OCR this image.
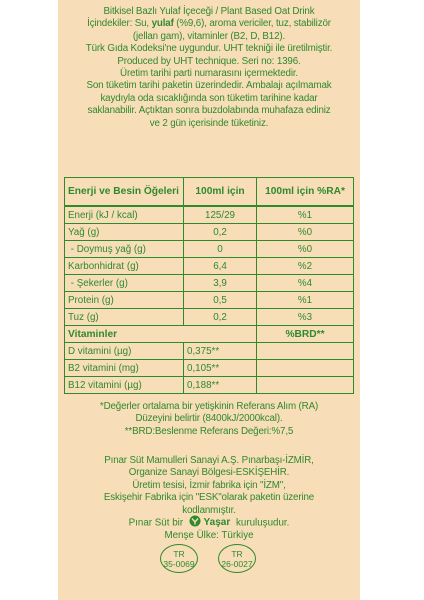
Bitkisel Bazlı Yulaf İçeceği / Plant Based Oat Drink
İçindekiler: Su, yulaf (%9,6), aroma vericiler, tuz, stabilizör
(jellan gam), vitaminler (B2, D, B12).
Türk Gıda Kodeksi'ne uygundur. UHT tekniği ile üretilmiştir.
Produced by UHT technique. Seri no: 1396.
Üretim tarihi parti numarasını içermektedir.
Son tüketim tarihi paketin üzerindedir. Ambalajı açılmamak
kaydıyla oda sıcaklığında son tüketim tarihine kadar
saklanabilir. Açtıktan sonra buzdolabında muhafaza ediniz
ve 2 gün içerisinde tüketiniz.
Enerji ve Besin Öğeleri	100ml için	100ml için %RA*
Enerji (kJ / kcal)	125/29	%1
Yağ (g)	0,2	%0
- Doymuş yağ (g)	0	%0
Karbonhidrat (g)	6,4	%2
- Şekerler (g)	3,9	%4
Protein (g)	0,5	%1
Tuz (g)	0,2	%3
Vitaminler		%BRD**
D vitamini (µg)	0,375**	
B2 vitamini (mg)	0,105**	
B12 vitamini (µg)	0,188**	
*Değerler ortalama bir yetişkinin Referans Alım (RA)
Düzeyini belirtir (8400kJ/2000kcal).
**BRD:Beslenme Referans Değeri:%7,5
Pınar Süt Mamulleri Sanayi A.Ş. Pınarbaşı-İZMİR,
Organize Sanayi Bölgesi-ESKİŞEHİR.
Üretim tesisi, İzmir fabrika için "İZM",
Eskişehir Fabrika için "ESK"olarak paketin üzerine
kodlanmıştır.
Pınar Süt bir Yaşar kuruluşudur.
Menşe Ülke: Türkiye
TR
35-0069
TR
26-0027
